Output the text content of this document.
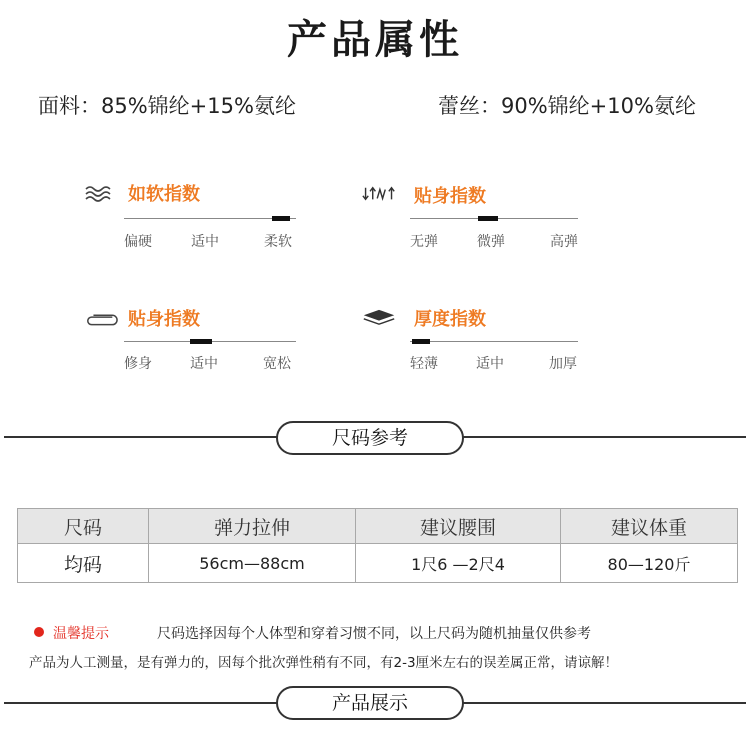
产品属性
面料：85%锦纶+15%氨纶	蕾丝：90%锦纶+10%氨纶
如软指数
偏硬	适中	柔软
贴身指数
无弹	微弹	高弹
贴身指数
修身	适中	宽松
厚度指数
轻薄	适中	加厚
尺码参考
尺码	弹力拉伸	建议腰围	建议体重
均码	56cm—88cm	1尺6 —2尺4	80—120斤
温馨提示	尺码选择因每个人体型和穿着习惯不同，以上尺码为随机抽量仅供参考
产品为人工测量，是有弹力的，因每个批次弹性稍有不同，有2-3厘米左右的误差属正常，请谅解！
产品展示
